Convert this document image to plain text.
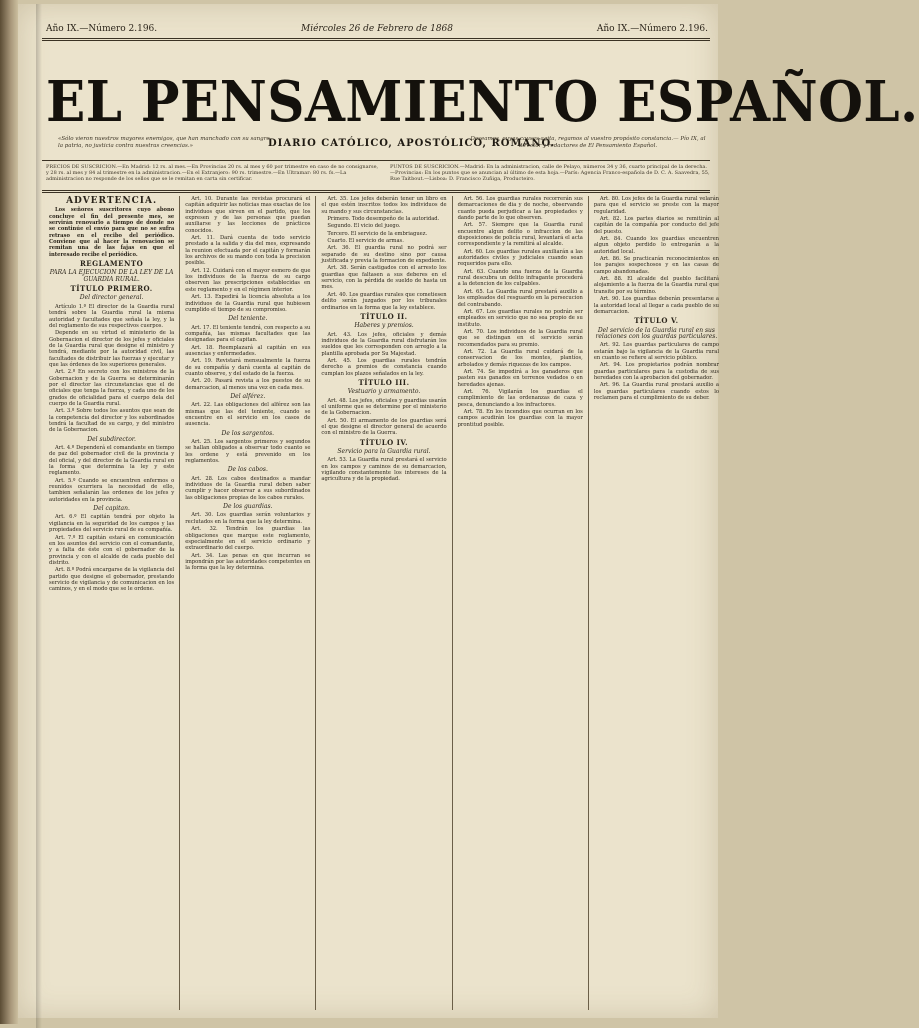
Año IX.—Número 2.196.	Miércoles 26 de Febrero de 1868	Año IX.—Número 2.196.
EL PENSAMIENTO ESPAÑOL.
«Sólo vieron nuestros mayores enemigos, que han manchado con su sangre la patria, no justicia contra nuestras creencias.»	DIARIO CATÓLICO, APOSTÓLICO, ROMANO.
Deseamos, cuyas causas agita, regamos al vuestro propósito constancia.— Pío IX, al director y redactores de El Pensamiento Español.
PRECIOS DE SUSCRICION.—En Madrid: 12 rs. al mes.—En Provincias 20 rs. al mes y 60 por trimestre en caso de no consignarse, y 28 rs. al mes y 84 al trimestre en la administracion.—En el Extranjero: 90 rs. trimestre.—En Ultramar: 80 rs. fs.—La administracion no responde de los sellos que se le remitan en carta sin certificar.
PUNTOS DE SUSCRICION.—Madrid: En la administracion, calle de Pelayo, números 34 y 36, cuarto principal de la derecha. —Provincias: En los puntos que se anuncian al último de esta hoja.—París: Agencia Franco-española de D. C. A. Saavedra, 55, Rue Taitbout.—Lisboa: D. Francisco Zuñiga, Producteiro.
ADVERTENCIA.

Los señores suscritores cuyo abono concluye el fin del presente mes, se servirán renovarlo a tiempo de donde no se continúe el envío para que no se sufra retraso en el recibo del periódico. Conviene que al hacer la renovacion se remitan una de las fajas en que el interesado recibe el periódico.

REGLAMENTO
PARA LA EJECUCION DE LA LEY DE LA GUARDIA RURAL.
TÍTULO PRIMERO.
Del director general.

Artículo 1.º El director de la Guardia rural tendrá sobre la Guardia rural la misma autoridad y facultades que señala la ley, y la del reglamento de sus respectivos cuerpos.

Depende en su virtud el ministerio de la Gobernacion el director de los jefes y oficiales de la Guardia rural que designe el ministro y tendrá, mediante por la autoridad civil, las facultades de distribuir las fuerzas y ejecutar y que las órdenes de los superiores generales.

Art. 2.º En secreto con los ministros de la Gobernacion y de la Guerra se determinarán por el director las circunstancias que el de oficiales que tenga la fuerza, y cada uno de los grados de oficialidad para el cuerpo dela del cuerpo de la Guardia rural.

Art. 3.º Sobre todos los asuntos que sean de la competencia del director y los subordinados tendrá la facultad de su cargo, y del ministro de la Gobernacion.

Del subdirector.

Art. 4.º Dependerá el comandante en tiempo de paz del gobernador civil de la provincia y del oficial, y del director de la Guardia rural en la forma que determina la ley y este reglamento.

Art. 5.º Cuando se encuentren enfermos o reunidos ocurriera la necesidad de ello, tambien señalarán las ordenes de los jefes y autoridades en la provincia.

Del capitan.

Art. 6.º El capitán tendrá por objeto la vigilancia en la seguridad de los campos y las propiedades del servicio rural de su compañía.

Art. 7.º El capitán estará en comunicación en los asuntos del servicio con el comandante, y a falta de éste con el gobernador de la provincia y con el alcalde de cada pueblo del distrito.

Art. 8.º Podrá encargarse de la vigilancia del partido que designe el gobernador, prestando servicio de vigilancia y de comunicacion en los caminos, y en el modo que se le ordene.

Art. 10. Durante las revistas procurará el capitán adquirir las noticias mas exactas de los individuos que sirven en el partido, que los expresen y de las personas que puedan auxiliarse y las lecciones de prácticos conocidos.

Art. 11. Dará cuenta de todo servicio prestado a la salida y dia del mes, expresando la reunion efectuada por el capitán y formarán los archivos de su mando con toda la precision posible.

Art. 12. Cuidará con el mayor esmero de que los individuos de la fuerza de su cargo observen las prescripciones establecidas en este reglamento y en el régimen interior.

Art. 13. Expedirá la licencia absoluta a los individuos de la Guardia rural que hubiesen cumplido el tiempo de su compromiso.

Del teniente.

Art. 17. El teniente tendrá, con respecto a su compañía, las mismas facultades que las designadas para el capitan.

Art. 18. Reemplazará al capitán en sus ausencias y enfermedades.

Art. 19. Revistará mensualmente la fuerza de su compañía y dará cuenta al capitán de cuanto observe, y del estado de la fuerza.

Art. 20. Pasará revista a los puestos de su demarcacion, al menos una vez en cada mes.

Del alférez.

Art. 22. Las obligaciones del alférez son las mismas que las del teniente, cuando se encuentre en el servicio en los casos de ausencia.

De los sargentos.

Art. 25. Los sargentos primeros y segundos se hallan obligados a observar todo cuanto se les ordene y está prevenido en los reglamentos.

De los cabos.

Art. 28. Los cabos destinados a mandar individuos de la Guardia rural deben saber cumplir y hacer observar a sus subordinados las obligaciones propias de los cabos rurales.

De los guardias.

Art. 30. Los guardias serán voluntarios y reclutados en la forma que la ley determina.

Art. 32. Tendrán los guardias las obligaciones que marque este reglamento, especialmente en el servicio ordinario y extraordinario del cuerpo.

Art. 34. Las penas en que incurran se impondrán por las autoridades competentes en la forma que la ley determina.

Art. 35. Los jefes deberán tener un libro en el que estén inscritos todos los individuos de su mando y sus circunstancias.

Primero. Todo desempeño de la autoridad.

Segundo. El vicio del juego.

Tercero. El servicio de la embriaguez.

Cuarto. El servicio de armas.

Art. 36. El guardia rural no podrá ser separado de su destino sino por causa justificada y previa la formacion de expediente.

Art. 38. Serán castigados con el arresto los guardias que faltasen a sus deberes en el servicio, con la pérdida de sueldo de hasta un mes.

Art. 40. Los guardias rurales que cometiesen delito serán juzgados por los tribunales ordinarios en la forma que la ley establece.

TÍTULO II.
Haberes y premios.

Art. 43. Los jefes, oficiales y demás individuos de la Guardia rural disfrutarán los sueldos que les corresponden con arreglo a la plantilla aprobada por Su Majestad.

Art. 45. Los guardias rurales tendrán derecho a premios de constancia cuando cumplan los plazos señalados en la ley.

TÍTULO III.
Vestuario y armamento.

Art. 48. Los jefes, oficiales y guardias usarán el uniforme que se determine por el ministerio de la Gobernacion.

Art. 50. El armamento de los guardias será el que designe el director general de acuerdo con el ministro de la Guerra.

TÍTULO IV.
Servicio para la Guardia rural.

Art. 53. La Guardia rural prestará el servicio en los campos y caminos de su demarcacion, vigilando constantemente los intereses de la agricultura y de la propiedad.

Art. 56. Los guardias rurales recorrerán sus demarcaciones de dia y de noche, observando cuanto pueda perjudicar a las propiedades y dando parte de lo que observen.

Art. 57. Siempre que la Guardia rural encuentre algun delito o infraccion de las disposiciones de policía rural, levantará el acta correspondiente y la remitirá al alcalde.

Art. 60. Los guardias rurales auxiliarán a las autoridades civiles y judiciales cuando sean requeridos para ello.

Art. 63. Cuando una fuerza de la Guardia rural descubra un delito infragante procederá a la detencion de los culpables.

Art. 65. La Guardia rural prestará auxilio a los empleados del resguardo en la persecucion del contrabando.

Art. 67. Los guardias rurales no podrán ser empleados en servicio que no sea propio de su instituto.

Art. 70. Los individuos de la Guardia rural que se distingan en el servicio serán recomendados para su premio.

Art. 72. La Guardia rural cuidará de la conservacion de los montes, plantíos, arbolados y demás riquezas de los campos.

Art. 74. Se impedirá a los ganaderos que pasten sus ganados en terrenos vedados o en heredades ajenas.

Art. 76. Vigilarán los guardias el cumplimiento de las ordenanzas de caza y pesca, denunciando a los infractores.

Art. 78. En los incendios que ocurran en los campos acudirán los guardias con la mayor prontitud posible.

Art. 80. Los jefes de la Guardia rural velarán para que el servicio se preste con la mayor regularidad.

Art. 82. Los partes diarios se remitirán al capitán de la compañía por conducto del jefe del puesto.

Art. 84. Cuando los guardias encuentren algun objeto perdido lo entregarán a la autoridad local.

Art. 86. Se practicarán reconocimientos en los parajes sospechosos y en las casas de campo abandonadas.

Art. 88. El alcalde del pueblo facilitará alojamiento a la fuerza de la Guardia rural que transite por su término.

Art. 90. Los guardias deberán presentarse a la autoridad local al llegar a cada pueblo de su demarcacion.

TÍTULO V.
Del servicio de la Guardia rural en sus relaciones con los guardas particulares.

Art. 92. Los guardas particulares de campo estarán bajo la vigilancia de la Guardia rural en cuanto se refiere al servicio público.

Art. 94. Los propietarios podrán nombrar guardas particulares para la custodia de sus heredades con la aprobacion del gobernador.

Art. 96. La Guardia rural prestará auxilio a los guardas particulares cuando estos lo reclamen para el cumplimiento de su deber.
